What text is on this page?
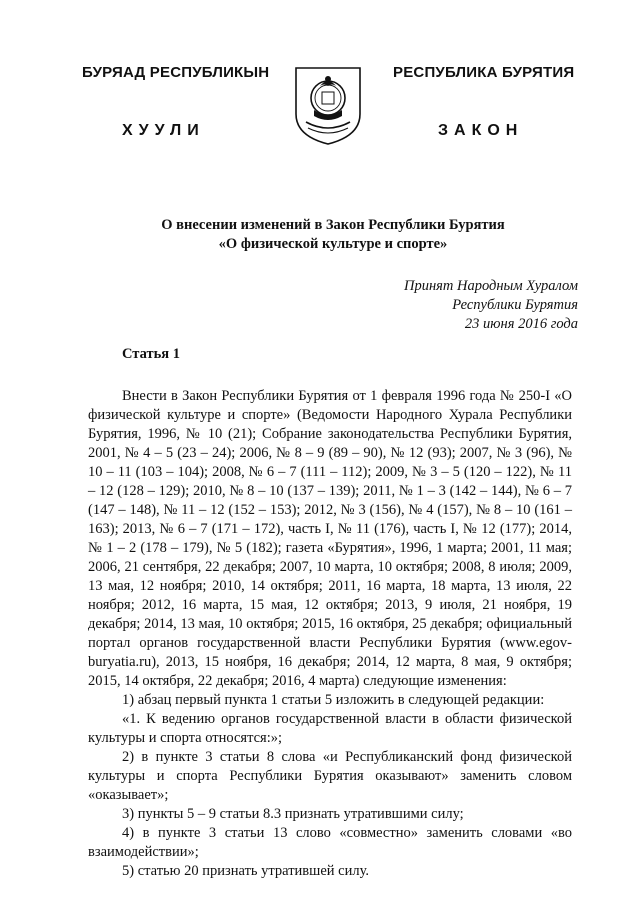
БУРЯАД РЕСПУБЛИКЫН	РЕСПУБЛИКА БУРЯТИЯ
ХУУЛИ	ЗАКОН
О внесении изменений в Закон Республики Бурятия
«О физической культуре и спорте»
Принят Народным Хуралом
Республики Бурятия
23 июня 2016 года
Статья 1

Внести в Закон Республики Бурятия от 1 февраля 1996 года № 250-I «О физической культуре и спорте» (Ведомости Народного Хурала Республики Бурятия, 1996, № 10 (21); Собрание законодательства Республики Бурятия, 2001, № 4 – 5 (23 – 24); 2006, № 8 – 9 (89 – 90), № 12 (93); 2007, № 3 (96), № 10 – 11 (103 – 104); 2008, № 6 – 7 (111 – 112); 2009, № 3 – 5 (120 – 122), № 11 – 12 (128 – 129); 2010, № 8 – 10 (137 – 139); 2011, № 1 – 3 (142 – 144), № 6 – 7 (147 – 148), № 11 – 12 (152 – 153); 2012, № 3 (156), № 4 (157), № 8 – 10 (161 – 163); 2013, № 6 – 7 (171 – 172), часть I, № 11 (176), часть I, № 12 (177); 2014, № 1 – 2 (178 – 179), № 5 (182); газета «Бурятия», 1996, 1 марта; 2001, 11 мая; 2006, 21 сентября, 22 декабря; 2007, 10 марта, 10 октября; 2008, 8 июля; 2009, 13 мая, 12 ноября; 2010, 14 октября; 2011, 16 марта, 18 марта, 13 июля, 22 ноября; 2012, 16 марта, 15 мая, 12 октября; 2013, 9 июля, 21 ноября, 19 декабря; 2014, 13 мая, 10 октября; 2015, 16 октября, 25 декабря; официальный портал органов государственной власти Республики Бурятия (www.egov-buryatia.ru), 2013, 15 ноября, 16 декабря; 2014, 12 марта, 8 мая, 9 октября; 2015, 14 октября, 22 декабря; 2016, 4 марта) следующие изменения:

1) абзац первый пункта 1 статьи 5 изложить в следующей редакции:

«1. К ведению органов государственной власти в области физической культуры и спорта относятся:»;

2) в пункте 3 статьи 8 слова «и Республиканский фонд физической культуры и спорта Республики Бурятия оказывают» заменить словом «оказывает»;

3) пункты 5 – 9 статьи 8.3 признать утратившими силу;

4) в пункте 3 статьи 13 слово «совместно» заменить словами «во взаимодействии»;

5) статью 20 признать утратившей силу.
